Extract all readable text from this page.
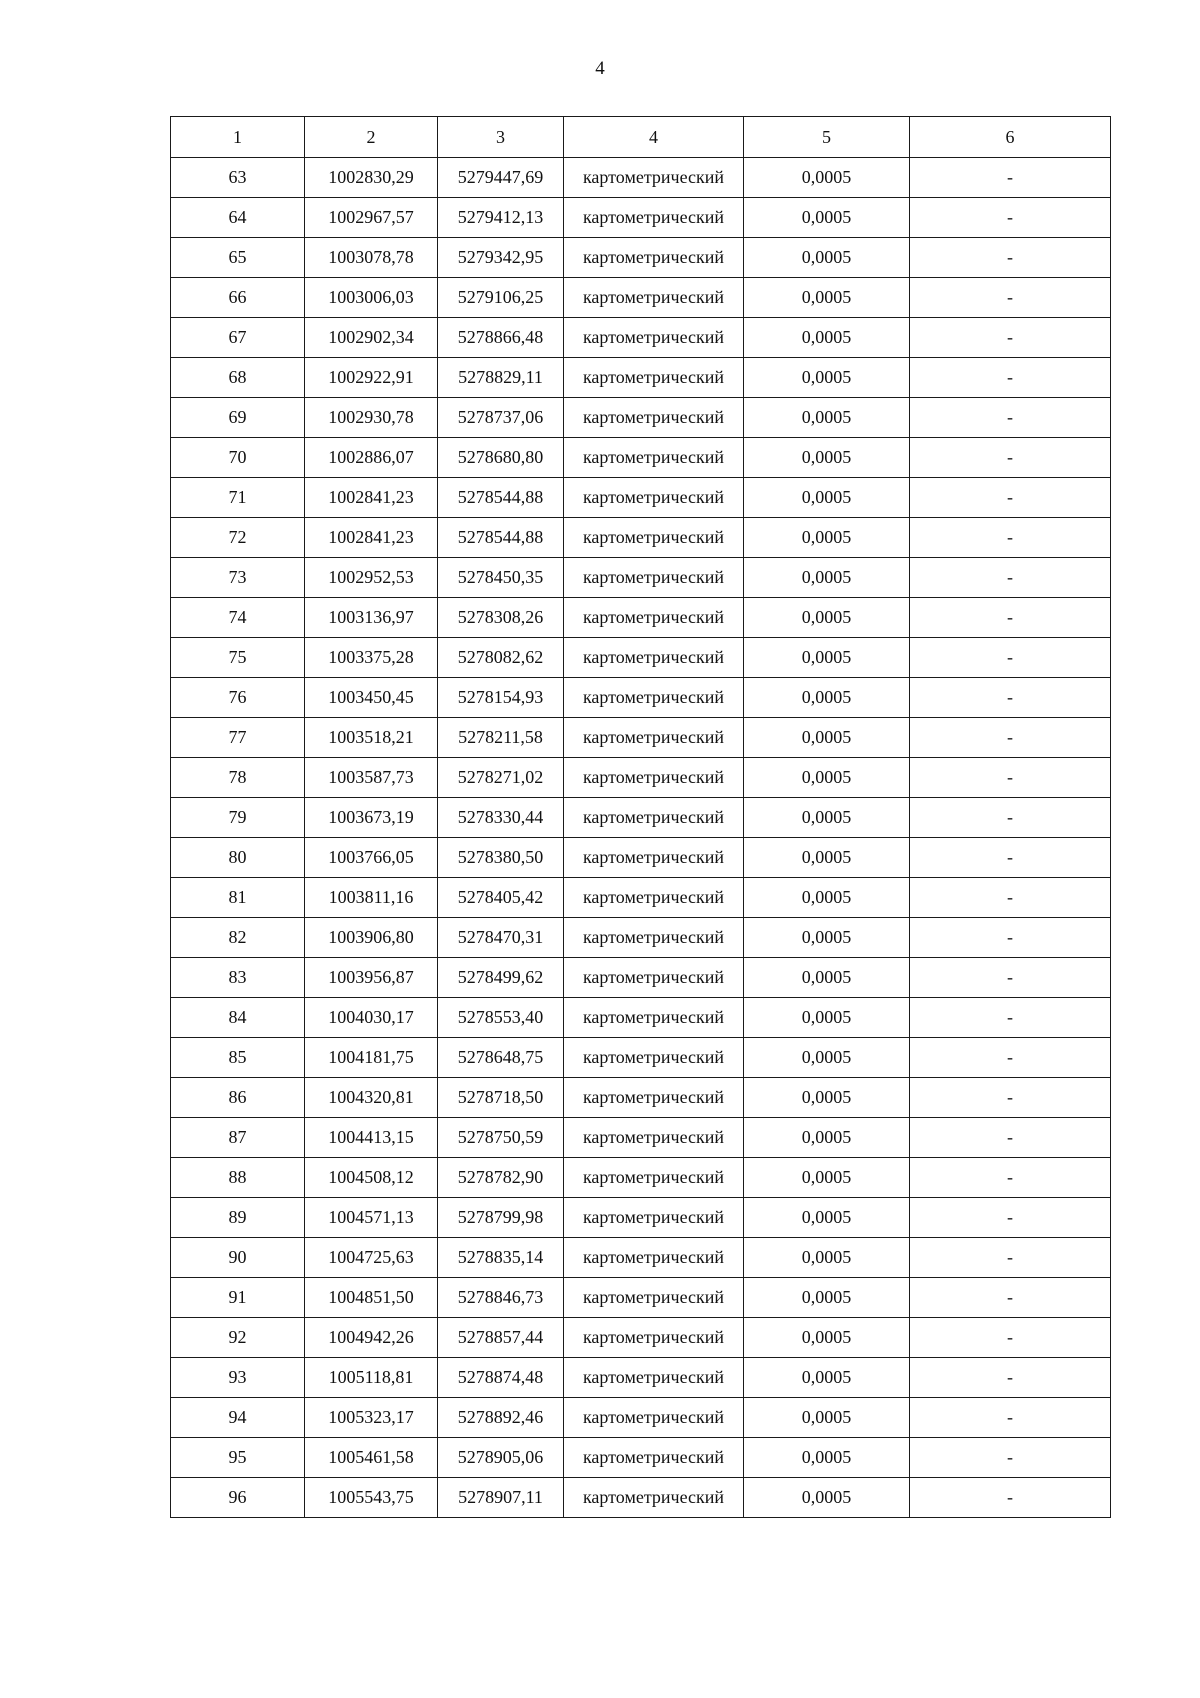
4
1	2	3	4	5	6
63	1002830,29	5279447,69	картометрический	0,0005	-
64	1002967,57	5279412,13	картометрический	0,0005	-
65	1003078,78	5279342,95	картометрический	0,0005	-
66	1003006,03	5279106,25	картометрический	0,0005	-
67	1002902,34	5278866,48	картометрический	0,0005	-
68	1002922,91	5278829,11	картометрический	0,0005	-
69	1002930,78	5278737,06	картометрический	0,0005	-
70	1002886,07	5278680,80	картометрический	0,0005	-
71	1002841,23	5278544,88	картометрический	0,0005	-
72	1002841,23	5278544,88	картометрический	0,0005	-
73	1002952,53	5278450,35	картометрический	0,0005	-
74	1003136,97	5278308,26	картометрический	0,0005	-
75	1003375,28	5278082,62	картометрический	0,0005	-
76	1003450,45	5278154,93	картометрический	0,0005	-
77	1003518,21	5278211,58	картометрический	0,0005	-
78	1003587,73	5278271,02	картометрический	0,0005	-
79	1003673,19	5278330,44	картометрический	0,0005	-
80	1003766,05	5278380,50	картометрический	0,0005	-
81	1003811,16	5278405,42	картометрический	0,0005	-
82	1003906,80	5278470,31	картометрический	0,0005	-
83	1003956,87	5278499,62	картометрический	0,0005	-
84	1004030,17	5278553,40	картометрический	0,0005	-
85	1004181,75	5278648,75	картометрический	0,0005	-
86	1004320,81	5278718,50	картометрический	0,0005	-
87	1004413,15	5278750,59	картометрический	0,0005	-
88	1004508,12	5278782,90	картометрический	0,0005	-
89	1004571,13	5278799,98	картометрический	0,0005	-
90	1004725,63	5278835,14	картометрический	0,0005	-
91	1004851,50	5278846,73	картометрический	0,0005	-
92	1004942,26	5278857,44	картометрический	0,0005	-
93	1005118,81	5278874,48	картометрический	0,0005	-
94	1005323,17	5278892,46	картометрический	0,0005	-
95	1005461,58	5278905,06	картометрический	0,0005	-
96	1005543,75	5278907,11	картометрический	0,0005	-
